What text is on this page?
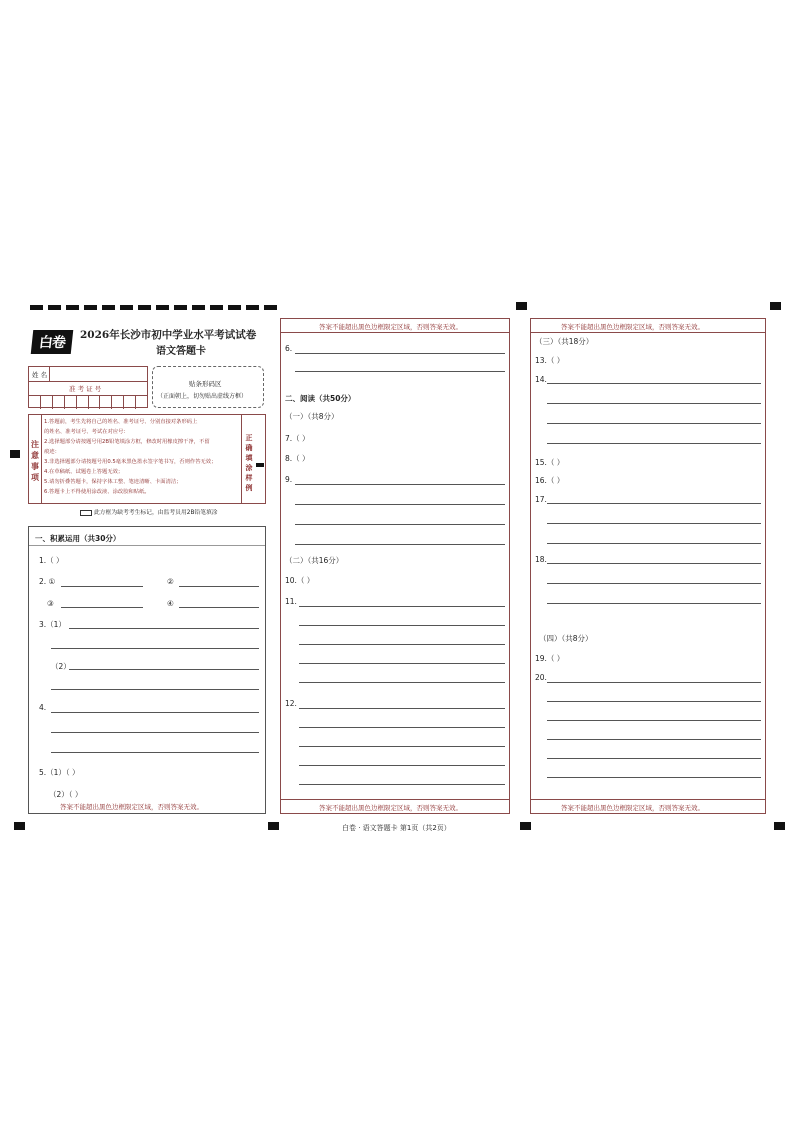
白卷	2026年长沙市初中学业水平考试试卷
语文答题卡
姓 名
准 考 证 号
贴条形码区
（正面朝上，切勿贴出虚线方框）
注意事项
1.答题前，考生先将自己的姓名、准考证号、分别直接对条形码上
的姓名、准考证号、考试在对应号：
2.选择题部分请按题号用2B铅笔填涂方框，修改时用橡皮擦干净，不留
痕迹：
3.非选择题部分请按题号用0.5毫米黑色墨水签字笔书写，否则作答无效；
4.在草稿纸、试题卷上答题无效；
5.请勿折叠答题卡，保持字体工整、笔迹清晰、卡面清洁；
6.答题卡上不得使用涂改液、涂改胶和贴纸。
正确填涂样例
此方框为缺考考生标记，由监考员用2B铅笔填涂
一、积累运用（共30分）
1.（ ）
2. ①	②
③	④
3.（1）
（2）
4.
5.（1）（ ）
（2）（ ）
答案不能超出黑色边框限定区域，否则答案无效。
答案不能超出黑色边框限定区域，否则答案无效。
6.
二、阅读（共50分）
（一）（共8分）
7.（ ）
8.（ ）
9.
（二）（共16分）
10.（ ）
11.
12.
答案不能超出黑色边框限定区域，否则答案无效。
答案不能超出黑色边框限定区域，否则答案无效。
（三）（共18分）
13.（ ）
14.
15.（ ）
16.（ ）
17.
18.
（四）（共8分）
19.（ ）
20.
答案不能超出黑色边框限定区域，否则答案无效。
白卷 · 语文答题卡 第1页（共2页）
